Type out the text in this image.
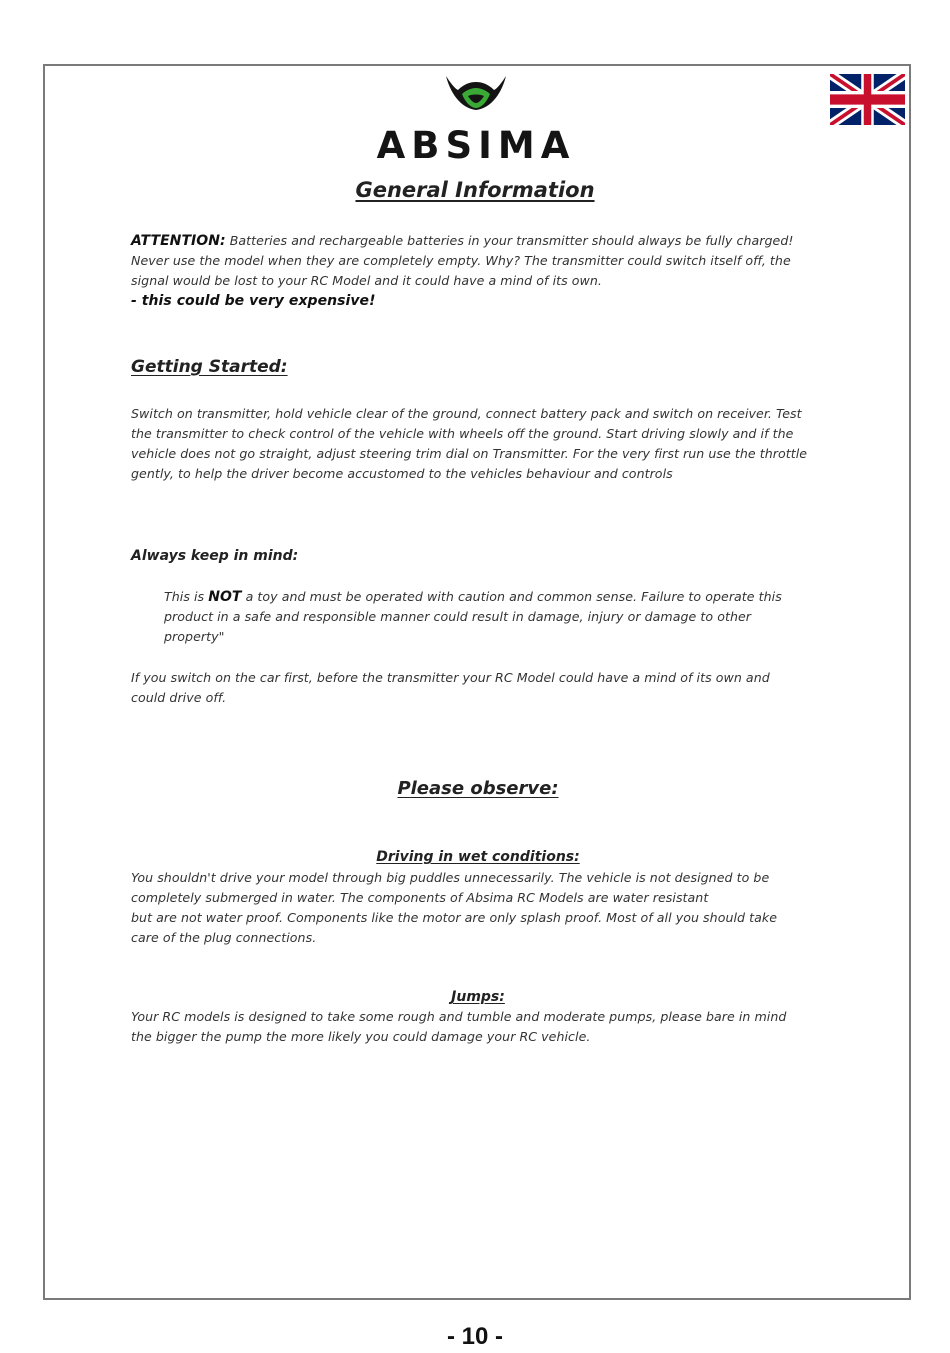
ABSIMA
General Information
ATTENTION: Batteries and rechargeable batteries in your transmitter should always be fully charged!
Never use the model when they are completely empty. Why? The transmitter could switch itself off, the
signal would be lost to your RC Model and it could have a mind of its own.
- this could be very expensive!
Getting Started:
Switch on transmitter, hold vehicle clear of the ground, connect battery pack and switch on receiver. Test
the transmitter to check control of the vehicle with wheels off the ground. Start driving slowly and if the
vehicle does not go straight, adjust steering trim dial on Transmitter. For the very first run use the throttle
gently, to help the driver become accustomed to the vehicles behaviour and controls
Always keep in mind:
This is NOT a toy and must be operated with caution and common sense. Failure to operate this
product in a safe and responsible manner could result in damage, injury or damage to other
property"
If you switch on the car first, before the transmitter your RC Model could have a mind of its own and
could drive off.
Please observe:
Driving in wet conditions:
You shouldn't drive your model through big puddles unnecessarily. The vehicle is not designed to be
completely submerged in water. The components of Absima RC Models are water resistant
but are not water proof. Components like the motor are only splash proof. Most of all you should take
care of the plug connections.
Jumps:
Your RC models is designed to take some rough and tumble and moderate pumps, please bare in mind
the bigger the pump the more likely you could damage your RC vehicle.
- 10 -
